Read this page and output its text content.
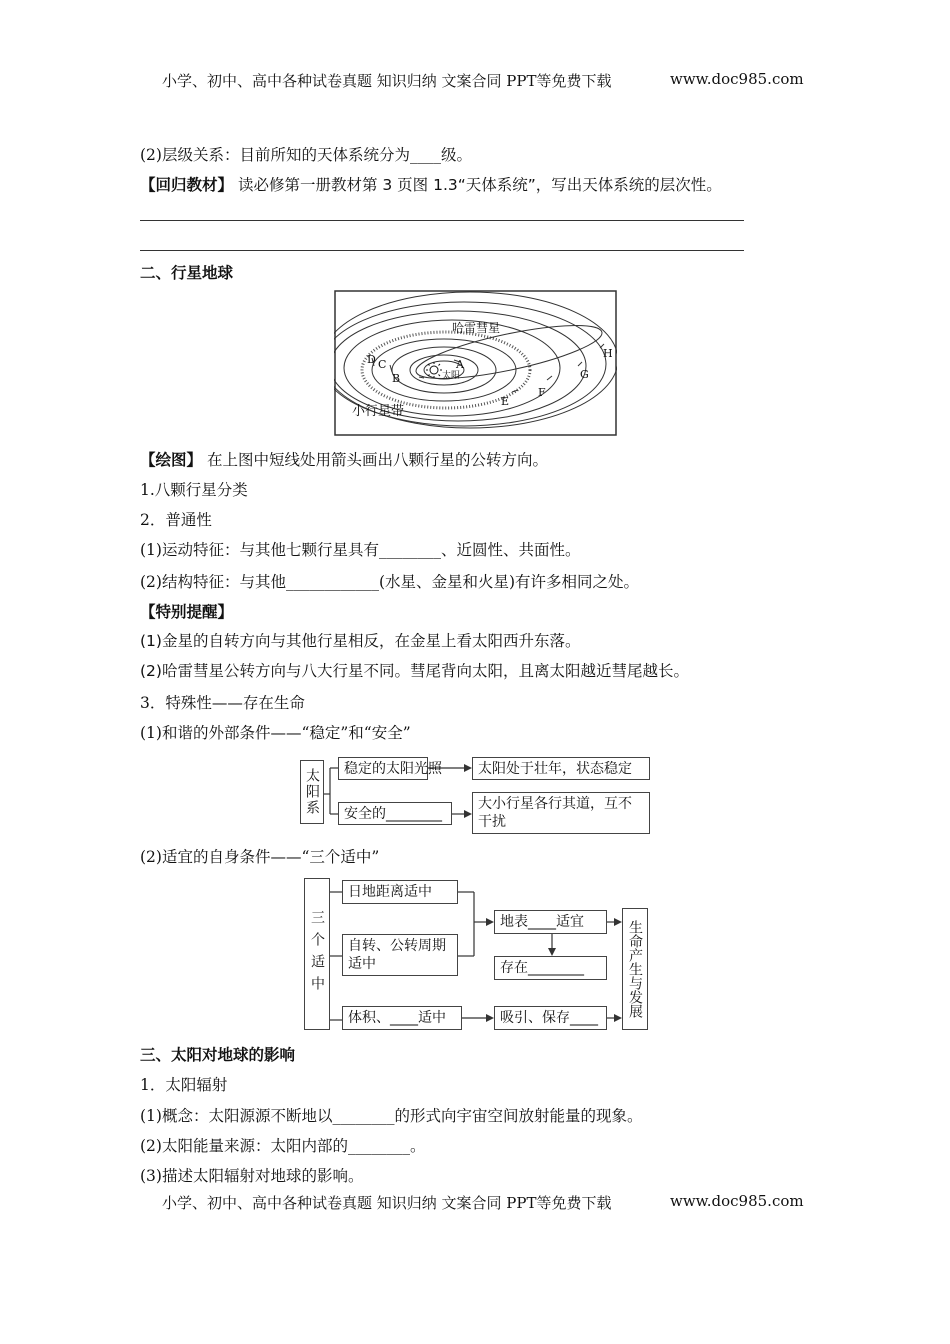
小学、初中、高中各种试卷真题 知识归纳 文案合同 PPT等免费下载	www.doc985.com
(2)层级关系：目前所知的天体系统分为____级。
【回归教材】 读必修第一册教材第 3 页图 1.3“天体系统”，写出天体系统的层次性。
二、行星地球
哈雷彗星
太阳
小行星带
A
B
C
D
E
F
G
H
【绘图】 在上图中短线处用箭头画出八颗行星的公转方向。
1.八颗行星分类
2．普通性
(1)运动特征：与其他七颗行星具有________、近圆性、共面性。
(2)结构特征：与其他____________(水星、金星和火星)有许多相同之处。
【特别提醒】
(1)金星的自转方向与其他行星相反，在金星上看太阳西升东落。
(2)哈雷彗星公转方向与八大行星不同。彗尾背向太阳，且离太阳越近彗尾越长。
3．特殊性——存在生命
(1)和谐的外部条件——“稳定”和“安全”
太阳系	稳定的太阳光照	太阳处于壮年，状态稳定
安全的________
大小行星各行其道，互不干扰
(2)适宜的自身条件——“三个适中”
三个适中
日地距离适中
自转、公转周期适中
体积、____适中
地表____适宜
存在________
吸引、保存____	生命产生与发展
三、太阳对地球的影响
1．太阳辐射
(1)概念：太阳源源不断地以________的形式向宇宙空间放射能量的现象。
(2)太阳能量来源：太阳内部的________。
(3)描述太阳辐射对地球的影响。
小学、初中、高中各种试卷真题 知识归纳 文案合同 PPT等免费下载	www.doc985.com
